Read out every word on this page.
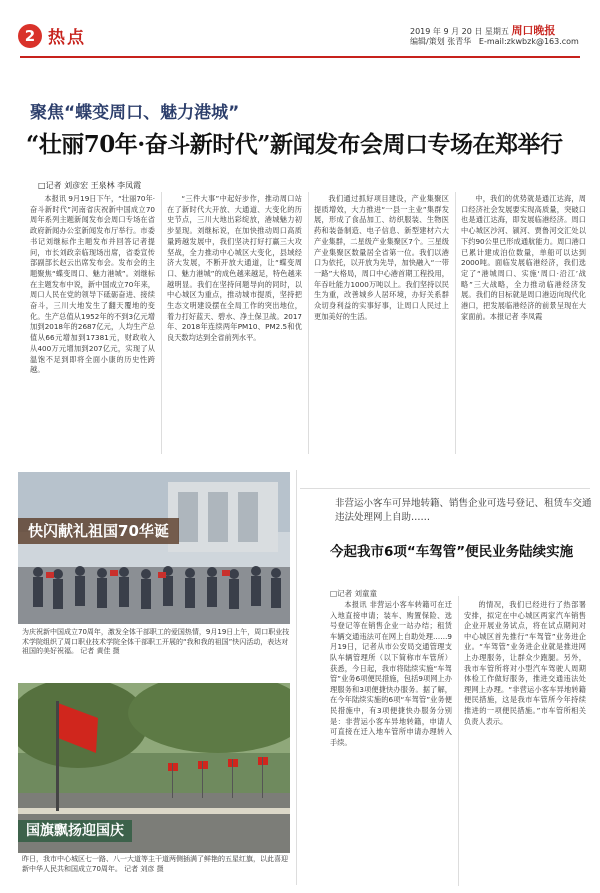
2 热点	2019 年 9 月 20 日 星期五 周口晚报
编辑/策划 张青华 E-mail:zkwbzk@163.com
聚焦“蝶变周口、魅力港城”
“壮丽70年·奋斗新时代”新闻发布会周口专场在郑举行
□记者 刘彦宏 王泉林 李凤霞

本报讯 9月19日下午，“壮丽70年·奋斗新时代”河南省庆祝新中国成立70周年系列主题新闻发布会周口专场在省政府新闻办公室新闻发布厅举行。市委书记刘继标作主题发布并回答记者提问，市长刘政亲临现场出席，省委宣传部副部长赵云出席发布会。发布会的主题聚焦“蝶变周口、魅力港城”。刘继标在主题发布中说，新中国成立70年来，周口人民在党的领导下砥砺奋进、接续奋斗，三川大地发生了翻天覆地的变化。生产总值从1952年的不到3亿元增加到2018年的2687亿元，人均生产总值从66元增加到17381元，财政收入从400万元增加到207亿元，实现了从温饱不足到即将全面小康的历史性跨越。

“三件大事”中起好步作，推动周口站在了新时代大开放、大通道、大变化的历史节点，三川大地出彩绽放，港城魅力初步显现。刘继标说，在加快推动周口高质量跨越发展中，我们坚决打好打赢三大攻坚战，全力推动中心城区大变化，县域经济大发展，不断开放大通道，让“蝶变周口、魅力港城”的成色越来越足，特色越来越明显。我们在坚持问题导向的同时，以中心城区为重点，推动城市提质，坚持把生态文明建设摆在全局工作的突出地位，着力打好蓝天、碧水、净土保卫战。2017年、2018年连续两年PM10、PM2.5和优良天数均达到全省前列水平。

我们通过抓好项目建设，产业集聚区提质增效，大力推进“一县一主业”集群发展，形成了食品加工、纺织服装、生物医药和装备制造、电子信息、新型建材六大产业集群，二星级产业集聚区7个。三星级产业集聚区数量居全省第一位。我们以港口为依托，以开放为先导，加快融入“一带一路”大格局，周口中心港首期工程投用，年吞吐能力1000万吨以上。我们坚持以民生为重，改善城乡人居环境，办好关系群众切身利益的实事好事，让周口人民过上更加美好的生活。

中，我们的优势就是通江达海，周口经济社会发展要实现高质量，突破口也是通江达海，即发展临港经济。周口中心城区沙河、颍河、贾鲁河交汇处以下约90公里已形成通航能力。周口港口已累计建成泊位数量，单船可以达到2000吨。面临发展临港经济，我们选定了“港城周口、实施‘周口·沿江’战略”三大战略，全力推动临港经济发展。我们的目标就是周口港迈向现代化港口，把发展临港经济的前景呈现在大家面前。本报记者 李凤霞

快闪献礼祖国70华诞
为庆祝新中国成立70周年，激发全体干部职工的爱国热情，9月19日上午，周口职业技术学院组织了周口职业技术学院全体干部职工开展的“我和我的祖国”快闪活动，表达对祖国的美好祝福。 记者 黄佳 摄
国旗飘扬迎国庆
昨日，我市中心城区七一路、八一大道等主干道两侧插满了鲜艳的五星红旗，以此喜迎新中华人民共和国成立70周年。 记者 刘彦 摄
非营运小客车可异地转籍、销售企业可选号登记、租赁车交通违法处理网上自助……
今起我市6项“车驾管”便民业务陆续实施
□记者 刘童童

本报讯 非营运小客车转籍可在迁入地直接申请；装车、购置保险、选号登记等在销售企业一站办结；租赁车辆交通违法可在网上自助处理……9月19日，记者从市公安局交通管理支队车辆管理所（以下简称市车管所）获悉，今日起，我市将陆续实施“车驾管”业务6项便民措施，包括9项网上办理服务和3项便捷快办服务。据了解，在今年陆续实施的6项“车驾管”业务便民措施中，有3项便捷快办服务分别是：非营运小客车异地转籍，申请人可直接在迁入地车管所申请办理转入手续。

的情况，我们已经进行了热部署安排，拟定在中心城区两家汽车销售企业开展业务试点，将在试点期间对中心城区首先推行“车驾管”业务进企业。“车驾管”业务进企业就是推进网上办理服务，让群众少跑腿。另外，我市车管所将对小型汽车驾驶人周期体检工作做好服务，推进交通违法处理网上办理。“非营运小客车异地转籍便民措施，这是我市车管所今年持续推进的一项便民措施。”市车管所相关负责人表示。
